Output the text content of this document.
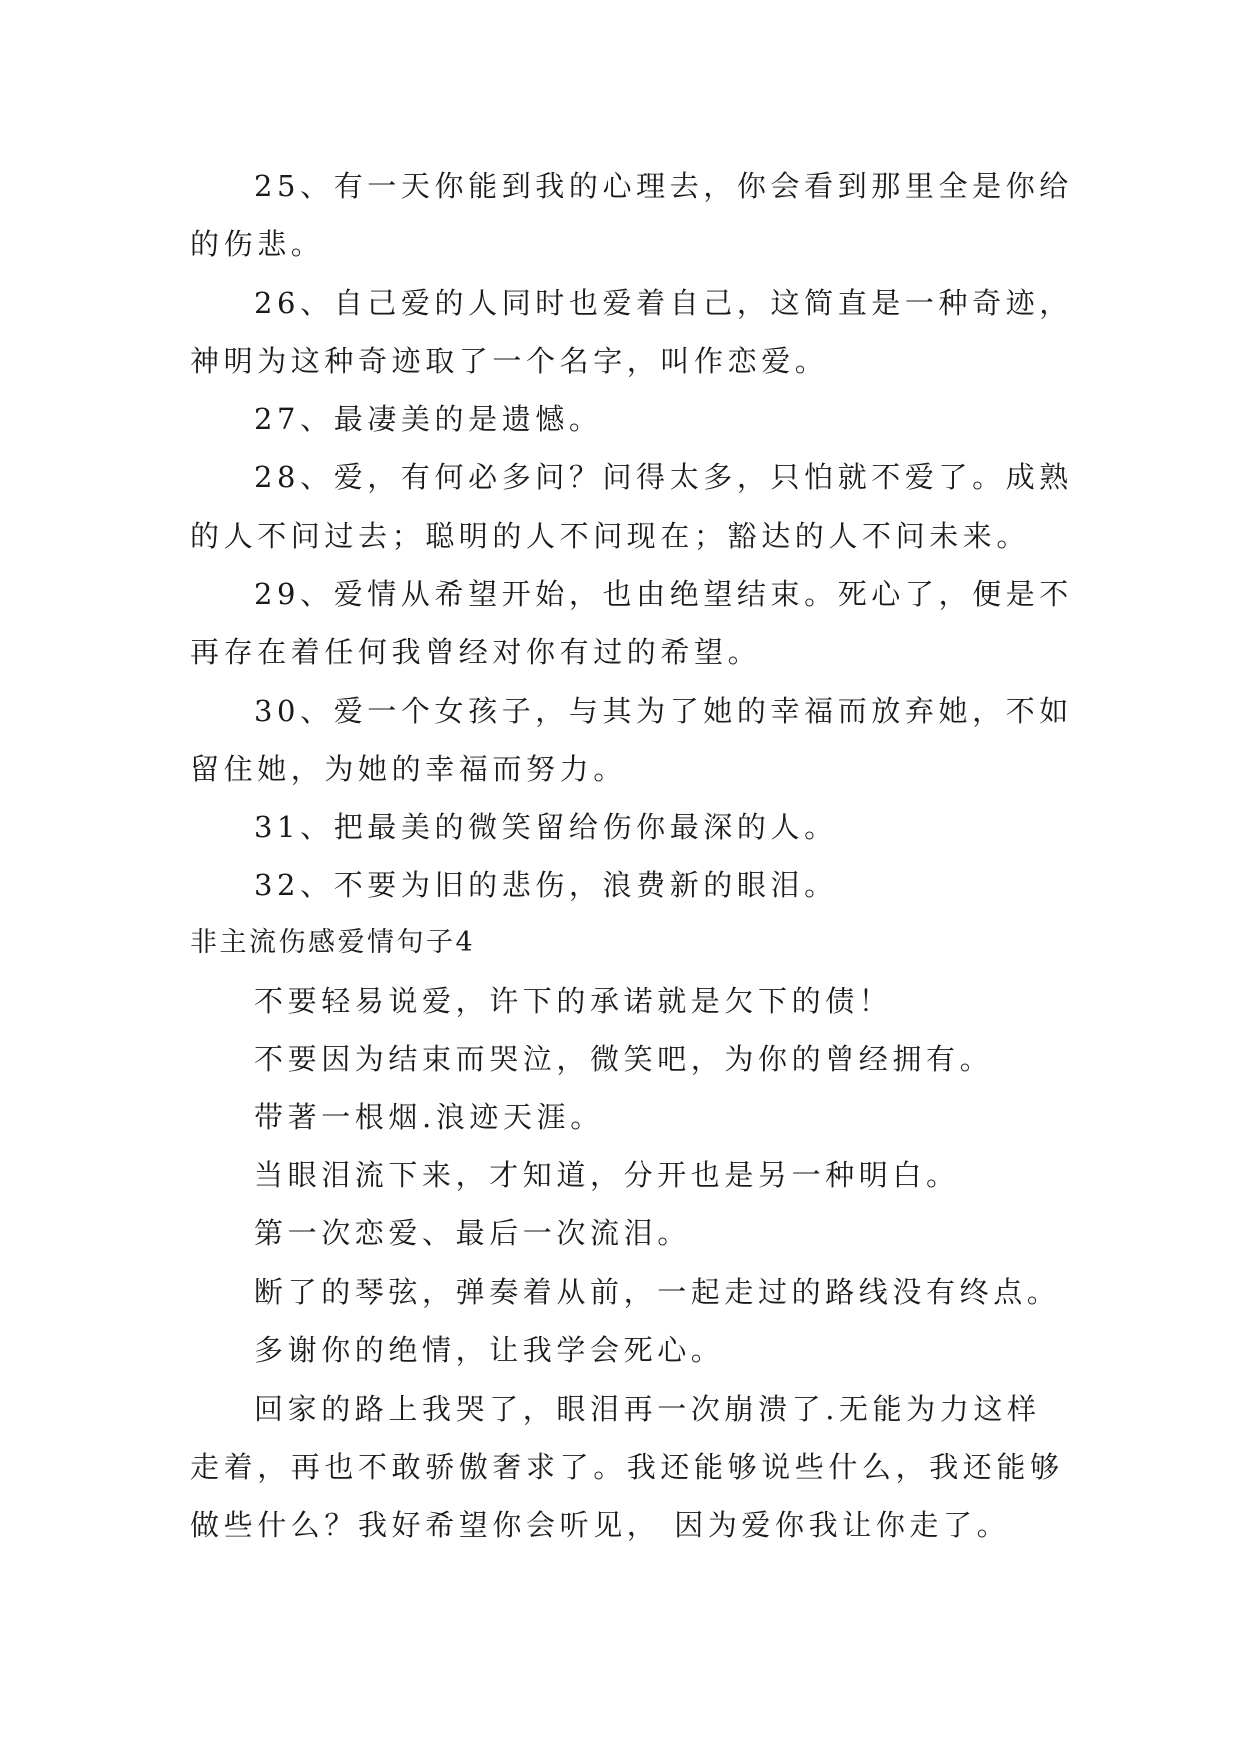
25、有一天你能到我的心理去，你会看到那里全是你给
的伤悲。
26、自己爱的人同时也爱着自己，这简直是一种奇迹，
神明为这种奇迹取了一个名字，叫作恋爱。
27、最凄美的是遗憾。
28、爱，有何必多问？问得太多，只怕就不爱了。成熟
的人不问过去；聪明的人不问现在；豁达的人不问未来。
29、爱情从希望开始，也由绝望结束。死心了，便是不
再存在着任何我曾经对你有过的希望。
30、爱一个女孩子，与其为了她的幸福而放弃她，不如
留住她，为她的幸福而努力。
31、把最美的微笑留给伤你最深的人。
32、不要为旧的悲伤，浪费新的眼泪。
非主流伤感爱情句子4
不要轻易说爱，许下的承诺就是欠下的债！
不要因为结束而哭泣，微笑吧，为你的曾经拥有。
带著一根烟.浪迹天涯。
当眼泪流下来，才知道，分开也是另一种明白。
第一次恋爱、最后一次流泪。
断了的琴弦，弹奏着从前，一起走过的路线没有终点。
多谢你的绝情，让我学会死心。
回家的路上我哭了，眼泪再一次崩溃了.无能为力这样
走着，再也不敢骄傲奢求了。我还能够说些什么，我还能够
做些什么？我好希望你会听见， 因为爱你我让你走了。
